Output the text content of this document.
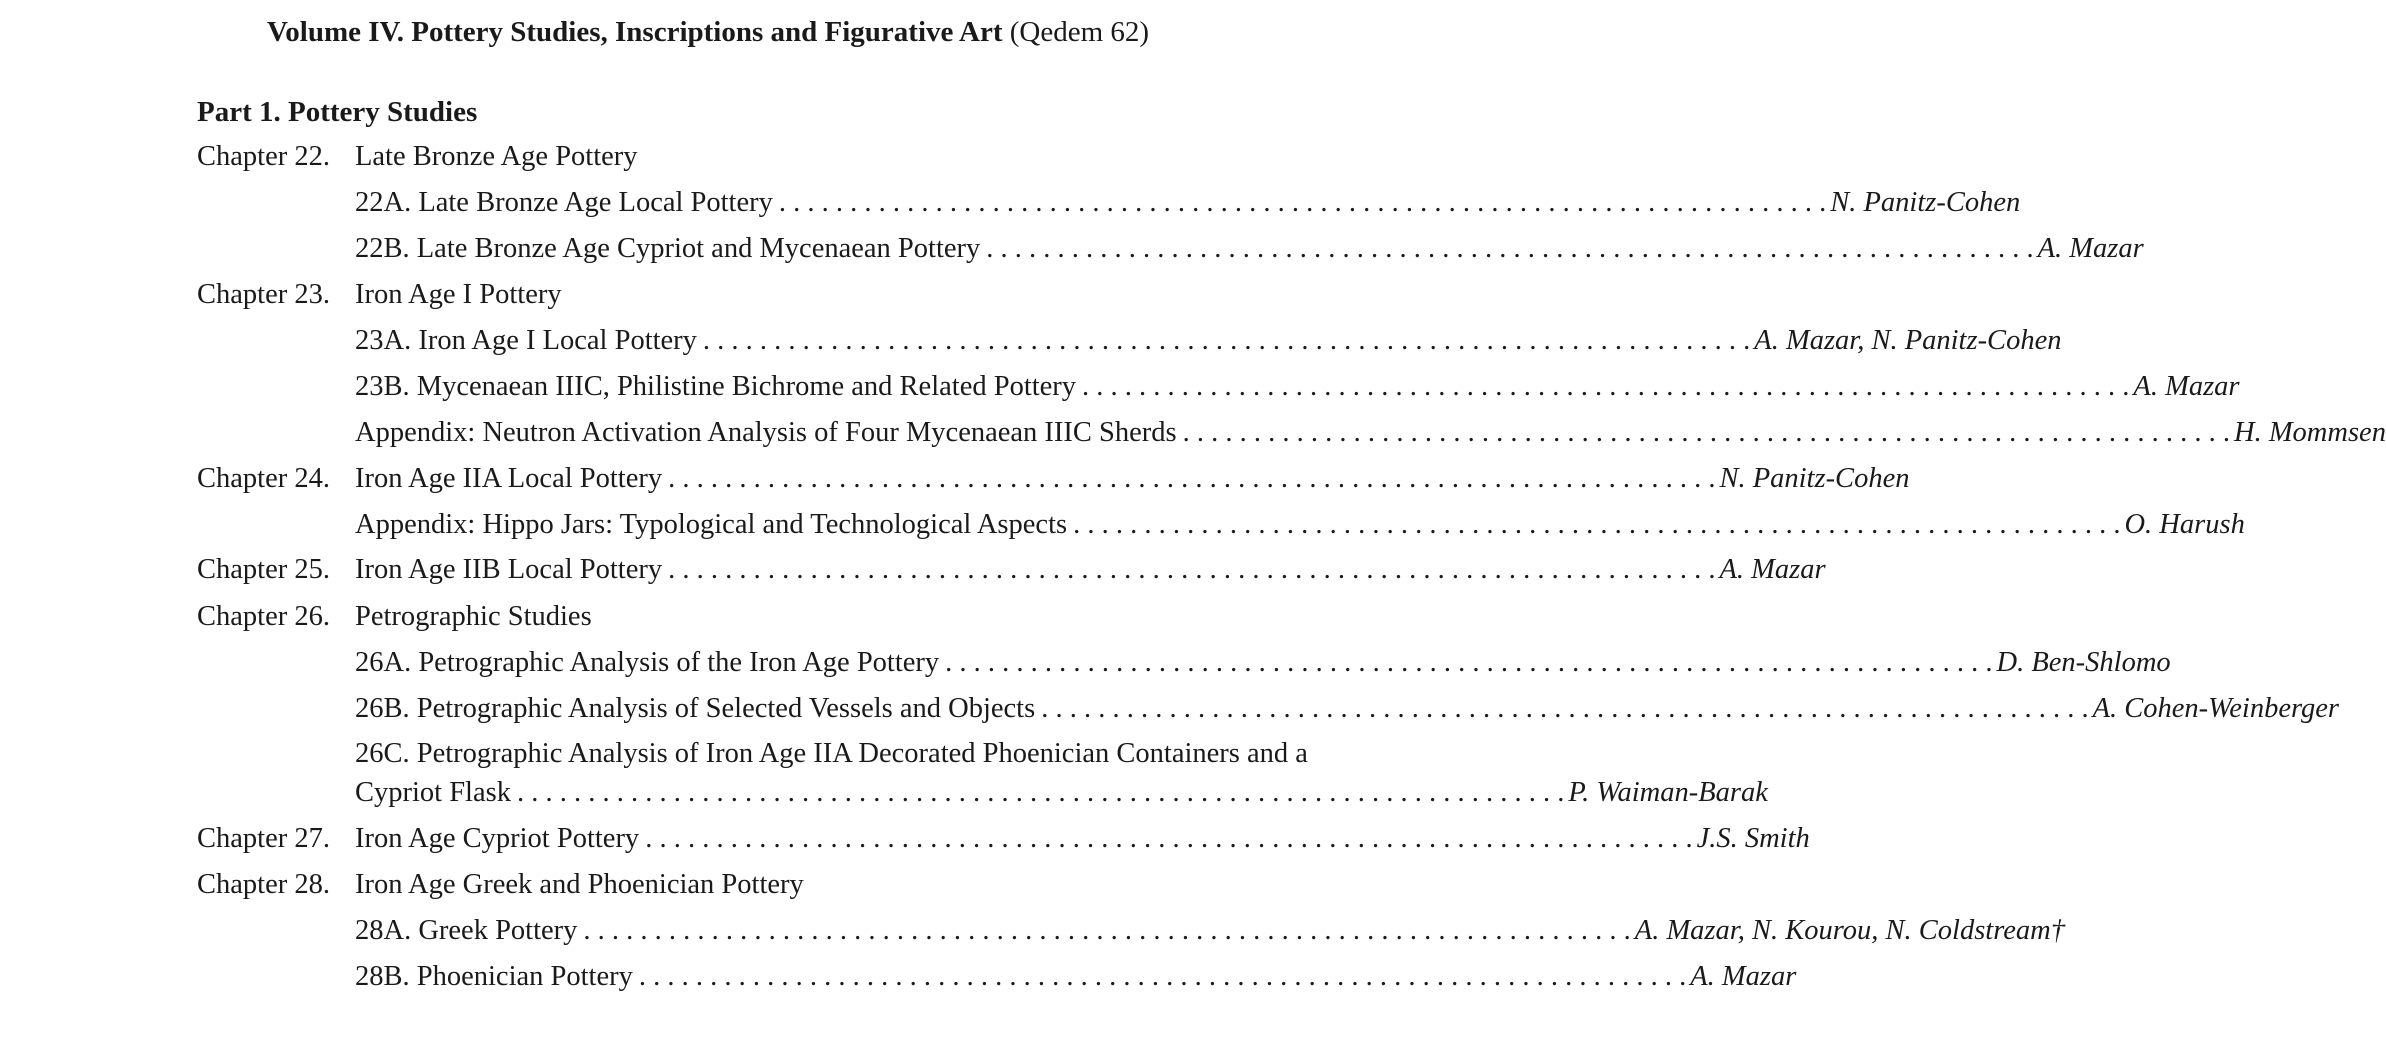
Volume IV. Pottery Studies, Inscriptions and Figurative Art (Qedem 62)
Part 1. Pottery Studies
Chapter 22. Late Bronze Age Pottery
22A. Late Bronze Age Local Pottery . . . . . . . . . . . . . . . . . . . . . . . . . . . . . . . . . . . . . . . . . . . . . . . . . . . . . . . . . . . . . . . . . . . . . . . . . . N. Panitz-Cohen
22B. Late Bronze Age Cypriot and Mycenaean Pottery . . . . . . . . . . . . . . . . . . . . . . . . . . . . . . . . . . . . . . . . . . . . . . . . . . . . . . . . . . . . . . . . . . . . . . . . . . A. Mazar
Chapter 23. Iron Age I Pottery
23A. Iron Age I Local Pottery . . . . . . . . . . . . . . . . . . . . . . . . . . . . . . . . . . . . . . . . . . . . . . . . . . . . . . . . . . . . . . . . . . . . . . . . . . A. Mazar, N. Panitz-Cohen
23B. Mycenaean IIIC, Philistine Bichrome and Related Pottery . . . . . . . . . . . . . . . . . . . . . . . . . . . . . . . . . . . . . . . . . . . . . . . . . . . . . . . . . . . . . . . . . . . . . . . . . . A. Mazar
Appendix: Neutron Activation Analysis of Four Mycenaean IIIC Sherds . . . . . . . . . . . . . . . . . . . . . . . . . . . . . . . . . . . . . . . . . . . . . . . . . . . . . . . . . . . . . . . . . . . . . . . . . . H. Mommsen
Chapter 24. Iron Age IIA Local Pottery . . . . . . . . . . . . . . . . . . . . . . . . . . . . . . . . . . . . . . . . . . . . . . . . . . . . . . . . . . . . . . . . . . . . . . . . . . N. Panitz-Cohen
Appendix: Hippo Jars: Typological and Technological Aspects . . . . . . . . . . . . . . . . . . . . . . . . . . . . . . . . . . . . . . . . . . . . . . . . . . . . . . . . . . . . . . . . . . . . . . . . . . O. Harush
Chapter 25. Iron Age IIB Local Pottery . . . . . . . . . . . . . . . . . . . . . . . . . . . . . . . . . . . . . . . . . . . . . . . . . . . . . . . . . . . . . . . . . . . . . . . . . . A. Mazar
Chapter 26. Petrographic Studies
26A. Petrographic Analysis of the Iron Age Pottery . . . . . . . . . . . . . . . . . . . . . . . . . . . . . . . . . . . . . . . . . . . . . . . . . . . . . . . . . . . . . . . . . . . . . . . . . . D. Ben-Shlomo
26B. Petrographic Analysis of Selected Vessels and Objects . . . . . . . . . . . . . . . . . . . . . . . . . . . . . . . . . . . . . . . . . . . . . . . . . . . . . . . . . . . . . . . . . . . . . . . . . . A. Cohen-Weinberger
26C. Petrographic Analysis of Iron Age IIA Decorated Phoenician Containers and a
Cypriot Flask . . . . . . . . . . . . . . . . . . . . . . . . . . . . . . . . . . . . . . . . . . . . . . . . . . . . . . . . . . . . . . . . . . . . . . . . . . P. Waiman-Barak
Chapter 27. Iron Age Cypriot Pottery . . . . . . . . . . . . . . . . . . . . . . . . . . . . . . . . . . . . . . . . . . . . . . . . . . . . . . . . . . . . . . . . . . . . . . . . . . J.S. Smith
Chapter 28. Iron Age Greek and Phoenician Pottery
28A. Greek Pottery . . . . . . . . . . . . . . . . . . . . . . . . . . . . . . . . . . . . . . . . . . . . . . . . . . . . . . . . . . . . . . . . . . . . . . . . . . A. Mazar, N. Kourou, N. Coldstream†
28B. Phoenician Pottery . . . . . . . . . . . . . . . . . . . . . . . . . . . . . . . . . . . . . . . . . . . . . . . . . . . . . . . . . . . . . . . . . . . . . . . . . . A. Mazar
